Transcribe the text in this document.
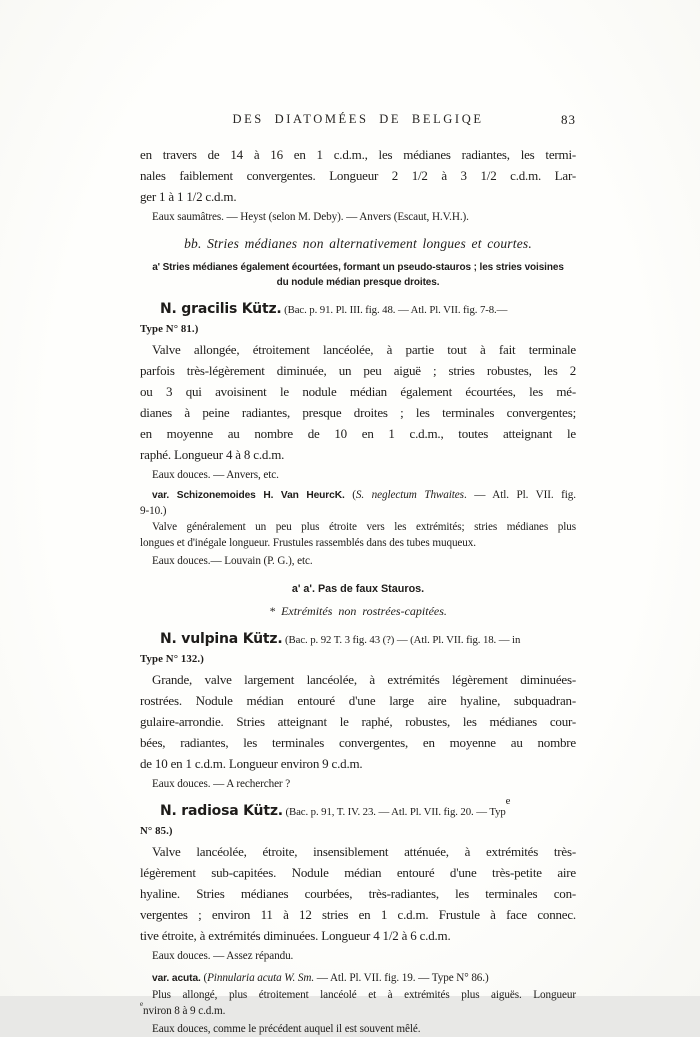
DES DIATOMÉES DE BELGIQE	83
en travers de 14 à 16 en 1 c.d.m., les médianes radiantes, les termi-
nales faiblement convergentes. Longueur 2 1/2 à 3 1/2 c.d.m. Lar-
ger 1 à 1 1/2 c.d.m.
Eaux saumâtres. — Heyst (selon M. Deby). — Anvers (Escaut, H.V.H.).
bb. Stries médianes non alternativement longues et courtes.
a' Stries médianes également écourtées, formant un pseudo-stauros ; les stries voisines
du nodule médian presque droites.
N. gracilis Kütz. (Bac. p. 91. Pl. III. fig. 48. — Atl. Pl. VII. fig. 7-8.—
Type N° 81.)
Valve allongée, étroitement lancéolée, à partie tout à fait terminale
parfois très-légèrement diminuée, un peu aiguë ; stries robustes, les 2
ou 3 qui avoisinent le nodule médian également écourtées, les mé-
dianes à peine radiantes, presque droites ; les terminales convergentes;
en moyenne au nombre de 10 en 1 c.d.m., toutes atteignant le
raphé. Longueur 4 à 8 c.d.m.
Eaux douces. — Anvers, etc.
var. Schizonemoides H. Van HeurcK. (S. neglectum Thwaites. — Atl. Pl. VII. fig.
9-10.)
Valve généralement un peu plus étroite vers les extrémités; stries médianes plus
longues et d'inégale longueur. Frustules rassemblés dans des tubes muqueux.
Eaux douces.— Louvain (P. G.), etc.
a' a'. Pas de faux Stauros.
* Extrémités non rostrées-capitées.
N. vulpina Kütz. (Bac. p. 92 T. 3 fig. 43 (?) — (Atl. Pl. VII. fig. 18. — in
Type N° 132.)
Grande, valve largement lancéolée, à extrémités légèrement diminuées-
rostrées. Nodule médian entouré d'une large aire hyaline, subquadran-
gulaire-arrondie. Stries atteignant le raphé, robustes, les médianes cour-
bées, radiantes, les terminales convergentes, en moyenne au nombre
de 10 en 1 c.d.m. Longueur environ 9 c.d.m.
Eaux douces. — A rechercher ?
N. radiosa Kütz. (Bac. p. 91, T. IV. 23. — Atl. Pl. VII. fig. 20. — Typ$^e$
N° 85.)
Valve lancéolée, étroite, insensiblement atténuée, à extrémités très-
légèrement sub-capitées. Nodule médian entouré d'une très-petite aire
hyaline. Stries médianes courbées, très-radiantes, les terminales con-
vergentes ; environ 11 à 12 stries en 1 c.d.m. Frustule à face connec.
tive étroite, à extrémités diminuées. Longueur 4 1/2 à 6 c.d.m.
Eaux douces. — Assez répandu.
var. acuta. (Pinnularia acuta W. Sm. — Atl. Pl. VII. fig. 19. — Type N° 86.)
Plus allongé, plus étroitement lancéolé et à extrémités plus aiguës. Longueur
$^e$nviron 8 à 9 c.d.m.
Eaux douces, comme le précédent auquel il est souvent mêlé.
